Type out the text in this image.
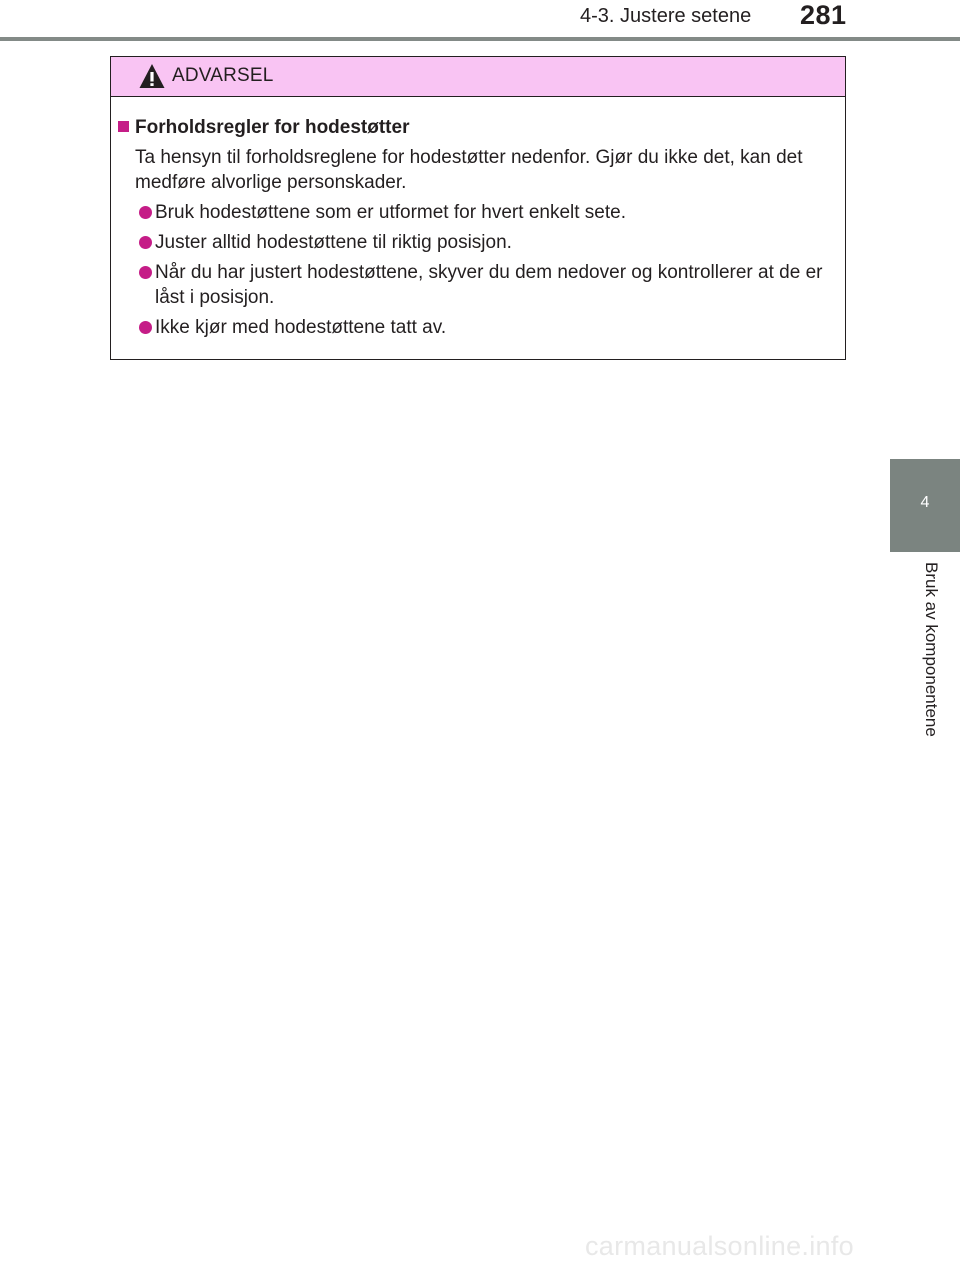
4-3. Justere setene	281
4
Bruk av komponentene
ADVARSEL
Forholdsregler for hodestøtter
Ta hensyn til forholdsreglene for hodestøtter nedenfor. Gjør du ikke det, kan det medføre alvorlige personskader.
Bruk hodestøttene som er utformet for hvert enkelt sete.
Juster alltid hodestøttene til riktig posisjon.
Når du har justert hodestøttene, skyver du dem nedover og kontrollerer at de er låst i posisjon.
Ikke kjør med hodestøttene tatt av.
carmanualsonline.info
